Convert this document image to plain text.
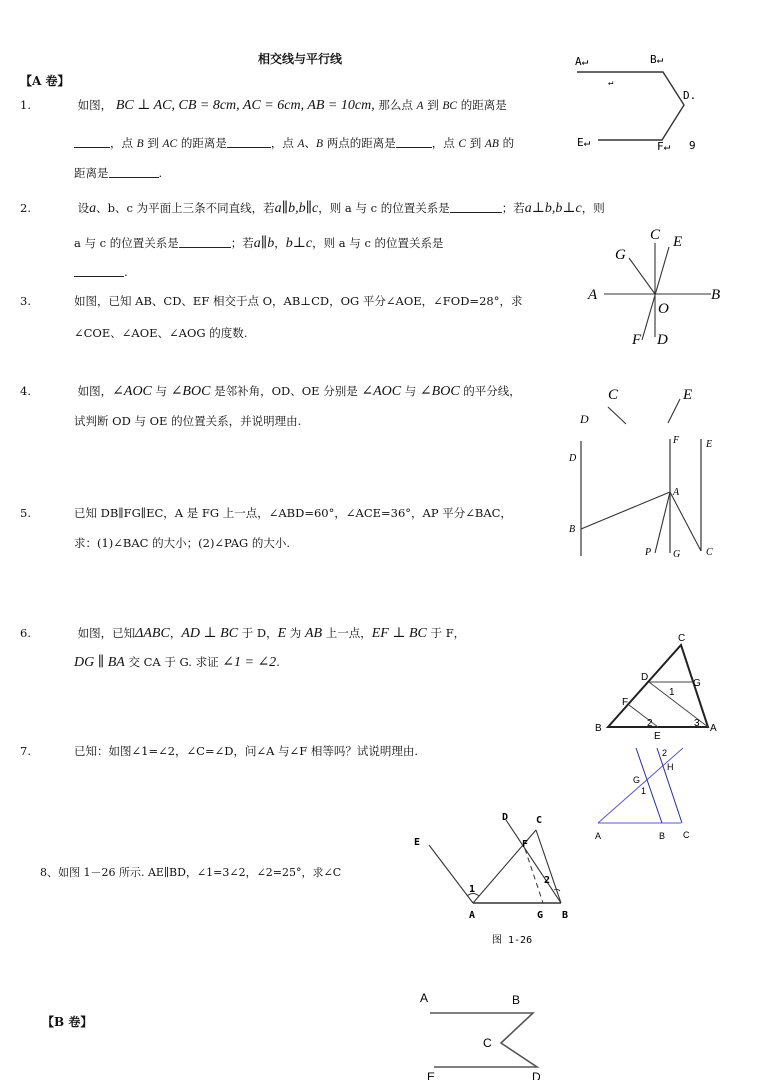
相交线与平行线
【A 卷】
1.	如图， BC ⊥ AC, CB = 8cm, AC = 6cm, AB = 10cm, 那么点 A 到 BC 的距离是
，点 B 到 AC 的距离是	，点 A、B 两点的距离是	，点 C 到 AB 的
距离是	.
2.	设a、b、c 为平面上三条不同直线，若a∥b,b∥c，则 a 与 c 的位置关系是	；若a⊥b,b⊥c，则
a 与 c 的位置关系是	；若a∥b，b⊥c，则 a 与 c 的位置关系是
.
3.	如图，已知 AB、CD、EF 相交于点 O，AB⊥CD，OG 平分∠AOE，∠FOD=28°，求
∠COE、∠AOE、∠AOG 的度数.
4.	如图，∠AOC 与 ∠BOC 是邻补角，OD、OE 分别是 ∠AOC 与 ∠BOC 的平分线，
试判断 OD 与 OE 的位置关系，并说明理由.
5.	已知 DB∥FG∥EC，A 是 FG 上一点，∠ABD=60°，∠ACE=36°，AP 平分∠BAC，
求：(1)∠BAC 的大小；(2)∠PAG 的大小.
6.	如图，已知ΔABC，AD ⊥ BC 于 D，E 为 AB 上一点，EF ⊥ BC 于 F，
DG ∥ BA 交 CA 于 G. 求证 ∠1 = ∠2.
7.	已知：如图∠1=∠2，∠C=∠D，问∠A 与∠F 相等吗？试说明理由.
8、如图 1－26 所示. AE∥BD，∠1=3∠2，∠2=25°，求∠C
【B 卷】
A↵	B↵
D.
E↵	F↵ 9
↵
C E
G
A	B
O
F D
C	E
D
D
F	E
A
B
P G	C
C
D
G
1
F
2	3
B
E
A
2
H
G
1
A	B C
D	C
E	F
2
1
A	G B
图 1-26
A	B
C
E	D
